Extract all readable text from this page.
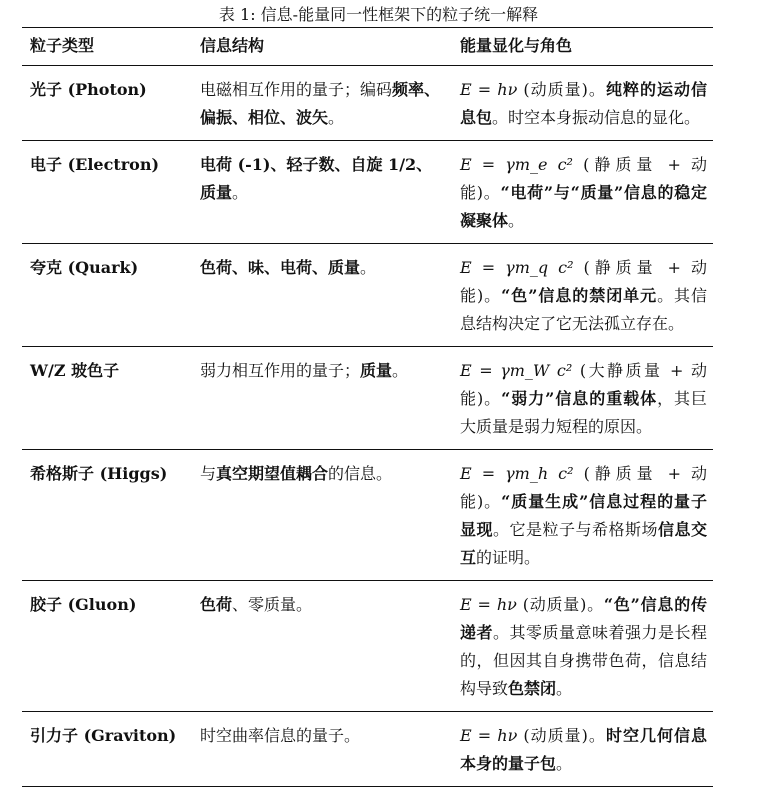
表 1: 信息-能量同一性框架下的粒子统一解释
粒子类型	信息结构	能量显化与角色
光子 (Photon)	电磁相互作用的量子；编码频率、偏振、相位、波矢。	E = hν (动质量)。纯粹的运动信息包。时空本身振动信息的显化。
电子 (Electron)	电荷 (-1)、轻子数、自旋 1/2、质量。	E = γm_e c² (静质量 + 动能)。“电荷”与“质量”信息的稳定凝聚体。
夸克 (Quark)	色荷、味、电荷、质量。	E = γm_q c² (静质量 + 动能)。“色”信息的禁闭单元。其信息结构决定了它无法孤立存在。
W/Z 玻色子	弱力相互作用的量子；质量。	E = γm_W c² (大静质量 + 动能)。“弱力”信息的重载体，其巨大质量是弱力短程的原因。
希格斯子 (Higgs)	与真空期望值耦合的信息。	E = γm_h c² (静质量 + 动能)。“质量生成”信息过程的量子显现。它是粒子与希格斯场信息交互的证明。
胶子 (Gluon)	色荷、零质量。	E = hν (动质量)。“色”信息的传递者。其零质量意味着强力是长程的，但因其自身携带色荷，信息结构导致色禁闭。
引力子 (Graviton)	时空曲率信息的量子。	E = hν (动质量)。时空几何信息本身的量子包。
